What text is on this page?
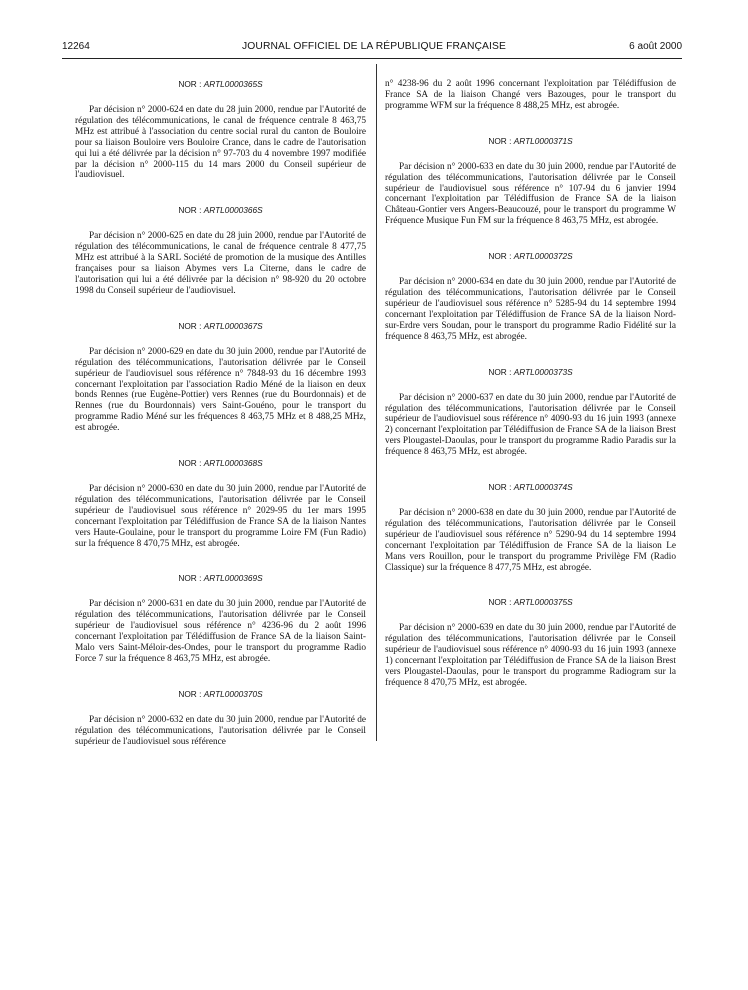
12264	JOURNAL OFFICIEL DE LA RÉPUBLIQUE FRANÇAISE	6 août 2000

NOR : ARTL0000365S

Par décision n° 2000-624 en date du 28 juin 2000, rendue par l'Autorité de régulation des télécommunications, le canal de fréquence centrale 8 463,75 MHz est attribué à l'association du centre social rural du canton de Bouloire pour sa liaison Bouloire vers Bouloire Crance, dans le cadre de l'autorisation qui lui a été délivrée par la décision n° 97-703 du 4 novembre 1997 modifiée par la décision n° 2000-115 du 14 mars 2000 du Conseil supérieur de l'audiovisuel.

NOR : ARTL0000366S

Par décision n° 2000-625 en date du 28 juin 2000, rendue par l'Autorité de régulation des télécommunications, le canal de fréquence centrale 8 477,75 MHz est attribué à la SARL Société de promotion de la musique des Antilles françaises pour sa liaison Abymes vers La Citerne, dans le cadre de l'autorisation qui lui a été délivrée par la décision n° 98-920 du 20 octobre 1998 du Conseil supérieur de l'audiovisuel.

NOR : ARTL0000367S

Par décision n° 2000-629 en date du 30 juin 2000, rendue par l'Autorité de régulation des télécommunications, l'autorisation délivrée par le Conseil supérieur de l'audiovisuel sous référence n° 7848-93 du 16 décembre 1993 concernant l'exploitation par l'association Radio Méné de la liaison en deux bonds Rennes (rue Eugène-Pottier) vers Rennes (rue du Bourdonnais) et de Rennes (rue du Bourdonnais) vers Saint-Gouéno, pour le transport du programme Radio Méné sur les fréquences 8 463,75 MHz et 8 488,25 MHz, est abrogée.

NOR : ARTL0000368S

Par décision n° 2000-630 en date du 30 juin 2000, rendue par l'Autorité de régulation des télécommunications, l'autorisation délivrée par le Conseil supérieur de l'audiovisuel sous référence n° 2029-95 du 1er mars 1995 concernant l'exploitation par Télédiffusion de France SA de la liaison Nantes vers Haute-Goulaine, pour le transport du programme Loire FM (Fun Radio) sur la fréquence 8 470,75 MHz, est abrogée.

NOR : ARTL0000369S

Par décision n° 2000-631 en date du 30 juin 2000, rendue par l'Autorité de régulation des télécommunications, l'autorisation délivrée par le Conseil supérieur de l'audiovisuel sous référence n° 4236-96 du 2 août 1996 concernant l'exploitation par Télédiffusion de France SA de la liaison Saint-Malo vers Saint-Méloir-des-Ondes, pour le transport du programme Radio Force 7 sur la fréquence 8 463,75 MHz, est abrogée.

NOR : ARTL0000370S

Par décision n° 2000-632 en date du 30 juin 2000, rendue par l'Autorité de régulation des télécommunications, l'autorisation délivrée par le Conseil supérieur de l'audiovisuel sous référence

n° 4238-96 du 2 août 1996 concernant l'exploitation par Télédiffusion de France SA de la liaison Changé vers Bazouges, pour le transport du programme WFM sur la fréquence 8 488,25 MHz, est abrogée.

NOR : ARTL0000371S

Par décision n° 2000-633 en date du 30 juin 2000, rendue par l'Autorité de régulation des télécommunications, l'autorisation délivrée par le Conseil supérieur de l'audiovisuel sous référence n° 107-94 du 6 janvier 1994 concernant l'exploitation par Télédiffusion de France SA de la liaison Château-Gontier vers Angers-Beaucouzé, pour le transport du programme W Fréquence Musique Fun FM sur la fréquence 8 463,75 MHz, est abrogée.

NOR : ARTL0000372S

Par décision n° 2000-634 en date du 30 juin 2000, rendue par l'Autorité de régulation des télécommunications, l'autorisation délivrée par le Conseil supérieur de l'audiovisuel sous référence n° 5285-94 du 14 septembre 1994 concernant l'exploitation par Télédiffusion de France SA de la liaison Nord-sur-Erdre vers Soudan, pour le transport du programme Radio Fidélité sur la fréquence 8 463,75 MHz, est abrogée.

NOR : ARTL0000373S

Par décision n° 2000-637 en date du 30 juin 2000, rendue par l'Autorité de régulation des télécommunications, l'autorisation délivrée par le Conseil supérieur de l'audiovisuel sous référence n° 4090-93 du 16 juin 1993 (annexe 2) concernant l'exploitation par Télédiffusion de France SA de la liaison Brest vers Plougastel-Daoulas, pour le transport du programme Radio Paradis sur la fréquence 8 463,75 MHz, est abrogée.

NOR : ARTL0000374S

Par décision n° 2000-638 en date du 30 juin 2000, rendue par l'Autorité de régulation des télécommunications, l'autorisation délivrée par le Conseil supérieur de l'audiovisuel sous référence n° 5290-94 du 14 septembre 1994 concernant l'exploitation par Télédiffusion de France SA de la liaison Le Mans vers Rouillon, pour le transport du programme Privilège FM (Radio Classique) sur la fréquence 8 477,75 MHz, est abrogée.

NOR : ARTL0000375S

Par décision n° 2000-639 en date du 30 juin 2000, rendue par l'Autorité de régulation des télécommunications, l'autorisation délivrée par le Conseil supérieur de l'audiovisuel sous référence n° 4090-93 du 16 juin 1993 (annexe 1) concernant l'exploitation par Télédiffusion de France SA de la liaison Brest vers Plougastel-Daoulas, pour le transport du programme Radiogram sur la fréquence 8 470,75 MHz, est abrogée.
